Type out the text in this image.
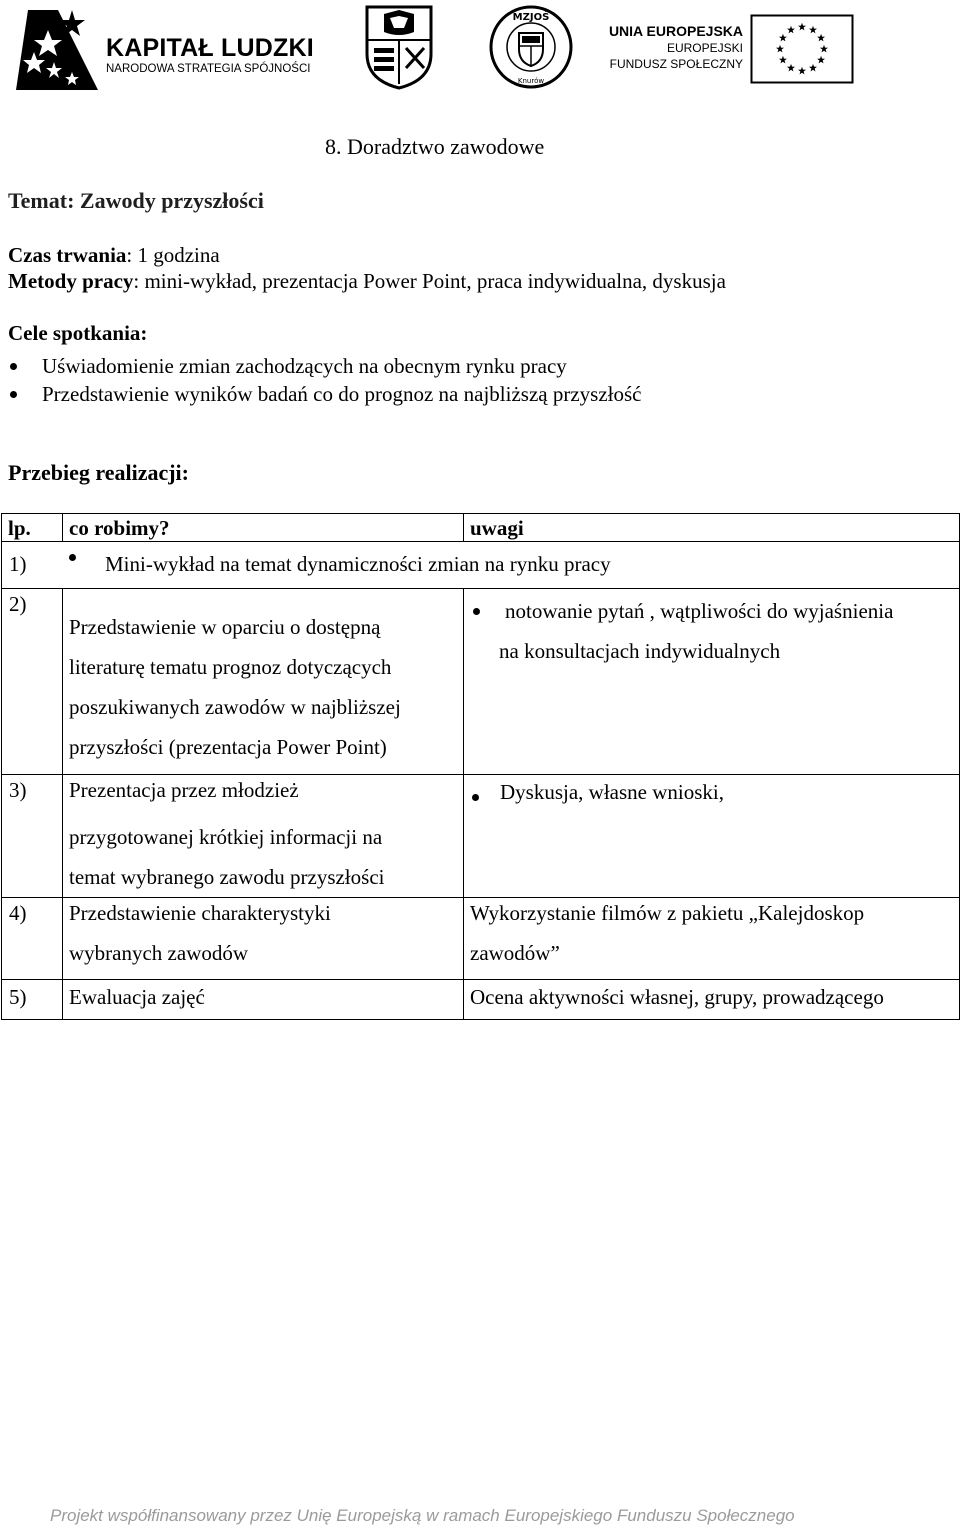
KAPITAŁ LUDZKI
NARODOWA STRATEGIA SPÓJNOŚCI
MZJOŚ
Knurów
UNIA EUROPEJSKA
EUROPEJSKI
FUNDUSZ SPOŁECZNY
8. Doradztwo zawodowe
Temat: Zawody przyszłości
Czas trwania: 1 godzina
Metody pracy: mini-wykład, prezentacja Power Point, praca indywidualna, dyskusja
Cele spotkania:
Uświadomienie zmian zachodzących na obecnym rynku pracy
Przedstawienie wyników badań co do prognoz na najbliższą przyszłość
Przebieg realizacji:
lp.	co robimy?	uwagi
1) Mini-wykład na temat dynamiczności zmian na rynku pracy		
2)	Przedstawienie w oparciu o dostępną
literaturę tematu prognoz dotyczących
poszukiwanych zawodów w najbliższej
przyszłości (prezentacja Power Point)	notowanie pytań , wątpliwości do wyjaśnienia
na konsultacjach indywidualnych

3)	Prezentacja przez młodzież
przygotowanej krótkiej informacji na
temat wybranego zawodu przyszłości	Dyskusja, własne wnioski,

4)	Przedstawienie charakterystyki
wybranych zawodów	Wykorzystanie filmów z pakietu „Kalejdoskop
zawodów”

5)	Ewaluacja zajęć	Ocena aktywności własnej, grupy, prowadzącego
Projekt współfinansowany przez Unię Europejską w ramach Europejskiego Funduszu Społecznego
